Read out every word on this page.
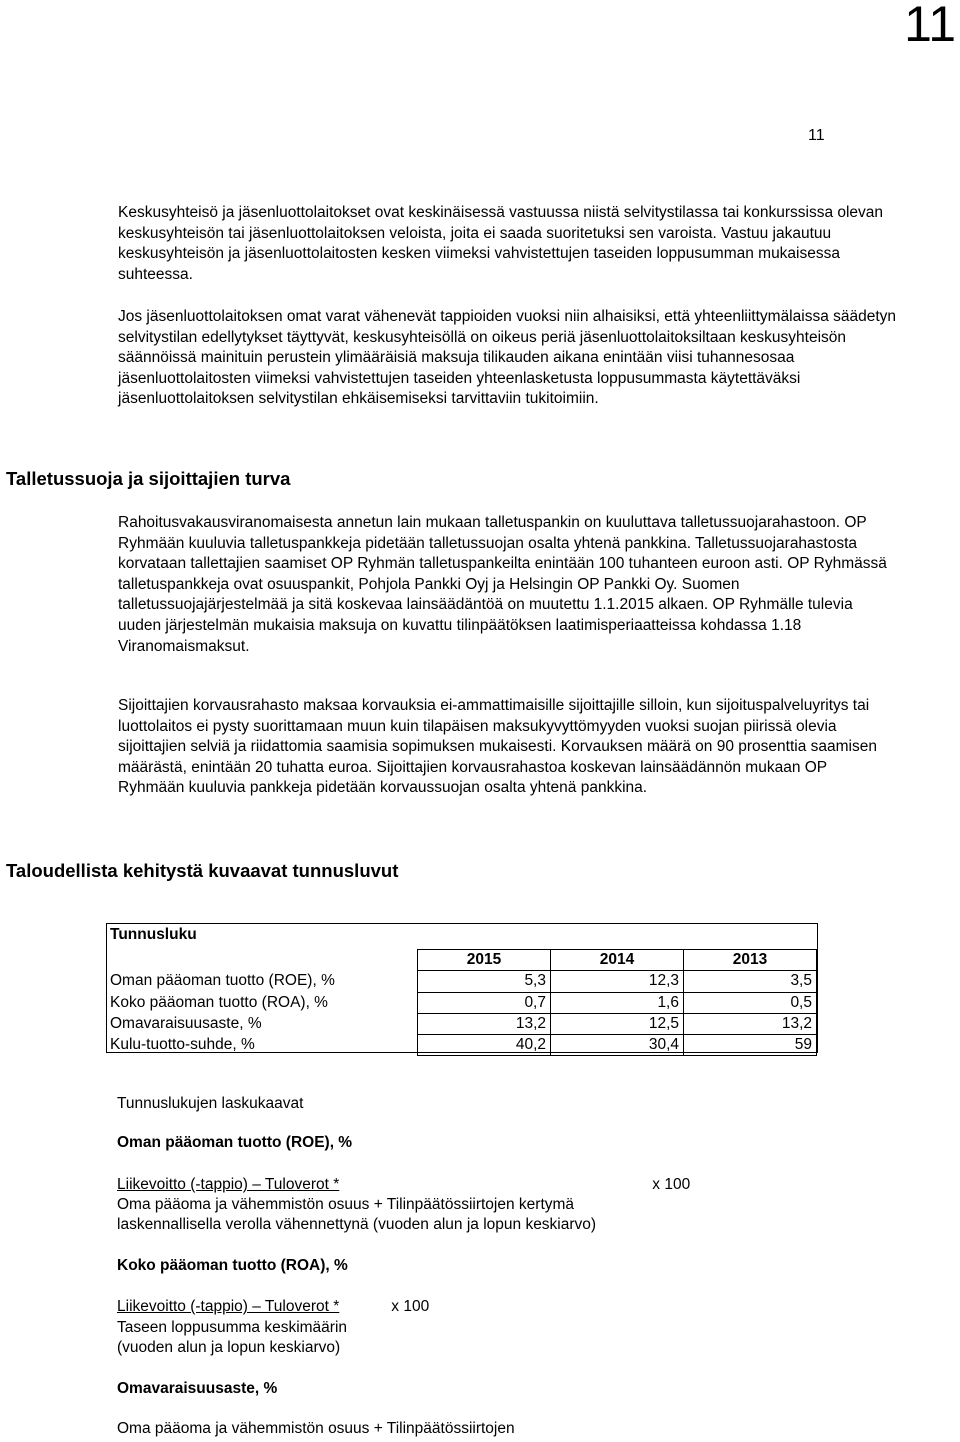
11
11

Keskusyhteisö ja jäsenluottolaitokset ovat keskinäisessä vastuussa niistä selvitystilassa tai konkurssissa olevan keskusyhteisön tai jäsenluottolaitoksen veloista, joita ei saada suoritetuksi sen varoista. Vastuu jakautuu keskusyhteisön ja jäsenluottolaitosten kesken viimeksi vahvistettujen taseiden loppusumman mukaisessa suhteessa.

Jos jäsenluottolaitoksen omat varat vähenevät tappioiden vuoksi niin alhaisiksi, että yhteenliittymälaissa säädetyn selvitystilan edellytykset täyttyvät, keskusyhteisöllä on oikeus periä jäsenluottolaitoksiltaan keskusyhteisön säännöissä mainituin perustein ylimääräisiä maksuja tilikauden aikana enintään viisi tuhannesosaa jäsenluottolaitosten viimeksi vahvistettujen taseiden yhteenlasketusta loppusummasta käytettäväksi jäsenluottolaitoksen selvitystilan ehkäisemiseksi tarvittaviin tukitoimiin.

Talletussuoja ja sijoittajien turva

Rahoitusvakausviranomaisesta annetun lain mukaan talletuspankin on kuuluttava talletussuojarahastoon. OP Ryhmään kuuluvia talletuspankkeja pidetään talletussuojan osalta yhtenä pankkina. Talletussuojarahastosta korvataan tallettajien saamiset OP Ryhmän talletuspankeilta enintään 100 tuhanteen euroon asti. OP Ryhmässä talletuspankkeja ovat osuuspankit, Pohjola Pankki Oyj ja Helsingin OP Pankki Oy. Suomen talletussuojajärjestelmää ja sitä koskevaa lainsäädäntöä on muutettu 1.1.2015 alkaen. OP Ryhmälle tulevia uuden järjestelmän mukaisia maksuja on kuvattu tilinpäätöksen laatimisperiaatteissa kohdassa 1.18 Viranomaismaksut.

Sijoittajien korvausrahasto maksaa korvauksia ei-ammattimaisille sijoittajille silloin, kun sijoituspalveluyritys tai luottolaitos ei pysty suorittamaan muun kuin tilapäisen maksukyvyttömyyden vuoksi suojan piirissä olevia sijoittajien selviä ja riidattomia saamisia sopimuksen mukaisesti. Korvauksen määrä on 90 prosenttia saamisen määrästä, enintään 20 tuhatta euroa. Sijoittajien korvausrahastoa koskevan lainsäädännön mukaan OP Ryhmään kuuluvia pankkeja pidetään korvaussuojan osalta yhtenä pankkina.

Taloudellista kehitystä kuvaavat tunnusluvut
Tunnusluku			
	2015	2014	2013
Oman pääoman tuotto (ROE), %	5,3	12,3	3,5
Koko pääoman tuotto (ROA), %	0,7	1,6	0,5
Omavaraisuusaste, %	13,2	12,5	13,2
Kulu-tuotto-suhde, %	40,2	30,4	59
Tunnuslukujen laskukaavat
Oman pääoman tuotto (ROE), %
Liikevoitto (-tappio) – Tuloverot *	x 100
Oma pääoma ja vähemmistön osuus + Tilinpäätössiirtojen kertymä
laskennallisella verolla vähennettynä (vuoden alun ja lopun keskiarvo)
Koko pääoman tuotto (ROA), %
Liikevoitto (-tappio) – Tuloverot *	x 100
Taseen loppusumma keskimäärin
(vuoden alun ja lopun keskiarvo)
Omavaraisuusaste, %
Oma pääoma ja vähemmistön osuus + Tilinpäätössiirtojen
